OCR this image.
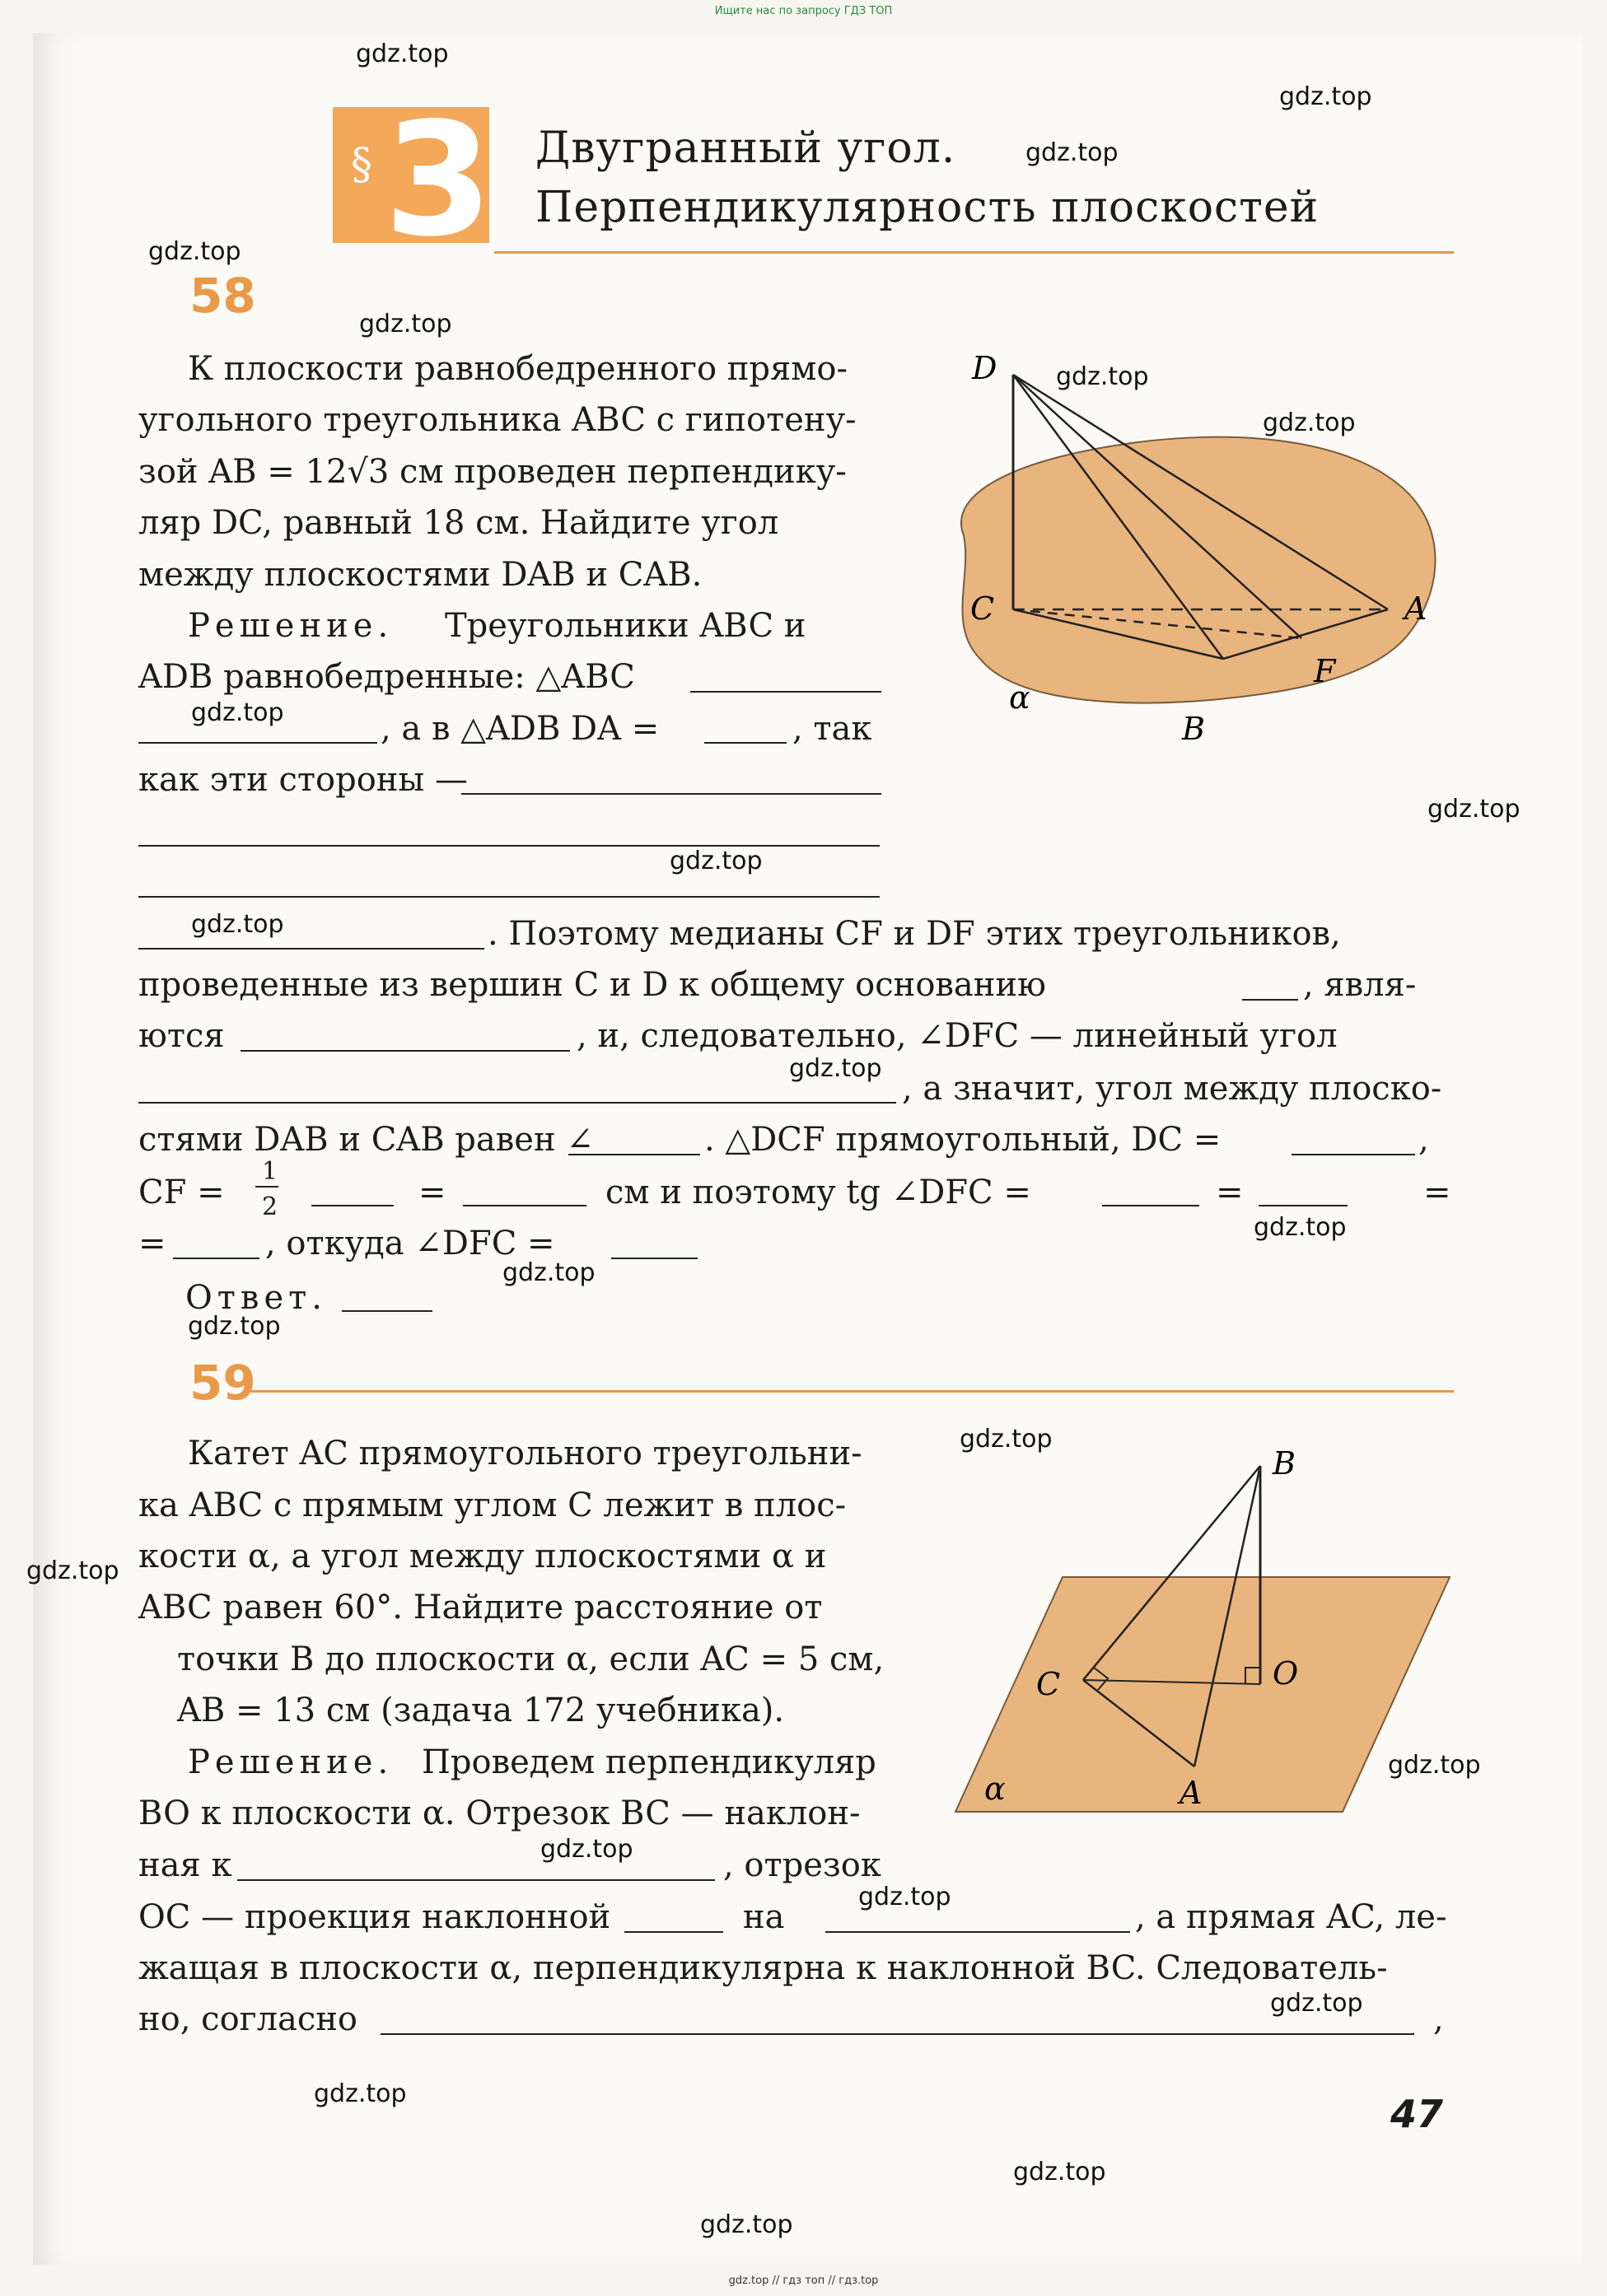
Ищите нас по запросу ГДЗ ТОП
§ 3 Двугранный угол.
Перпендикулярность плоскостей
58
К плоскости равнобедренного прямо-
угольного треугольника ABC с гипотену-
зой AB = 12√3 см проведен перпендику-
ляр DC, равный 18 см. Найдите угол
между плоскостями DAB и CAB.
Решение. Треугольники ABC и
ADB равнобедренные: △ABC
, а в △ADB DA =	, так
как эти стороны —
. Поэтому медианы CF и DF этих треугольников,
проведенные из вершин C и D к общему основанию	, явля-
ются	, и, следовательно, ∠DFC — линейный угол
, а значит, угол между плоско-
стями DAB и CAB равен ∠	. △DCF прямоугольный, DC =	,
CF =
1
2	=	см и поэтому tg ∠DFC =	=	=
=	, откуда ∠DFC =
Ответ.
D
C	A
F
B
α
59
Катет AC прямоугольного треугольни-
ка ABC с прямым углом C лежит в плос-
кости α, а угол между плоскостями α и
ABC равен 60°. Найдите расстояние от
точки B до плоскости α, если AC = 5 см,
AB = 13 см (задача 172 учебника).
Решение. Проведем перпендикуляр
BO к плоскости α. Отрезок BC — наклон-
ная к	, отрезок
OC — проекция наклонной	на	, а прямая AC, ле-
жащая в плоскости α, перпендикулярна к наклонной BC. Следователь-
но, согласно	,
B
O
C
A
α
47
gdz.top
gdz.top
gdz.top
gdz.top
gdz.top
gdz.top
gdz.top
gdz.top
gdz.top
gdz.top
gdz.top
gdz.top
gdz.top
gdz.top
gdz.top
gdz.top
gdz.top
gdz.top
gdz.top
gdz.top
gdz.top
gdz.top
gdz.top
gdz.top
gdz.top // гдз топ // гдз.top
